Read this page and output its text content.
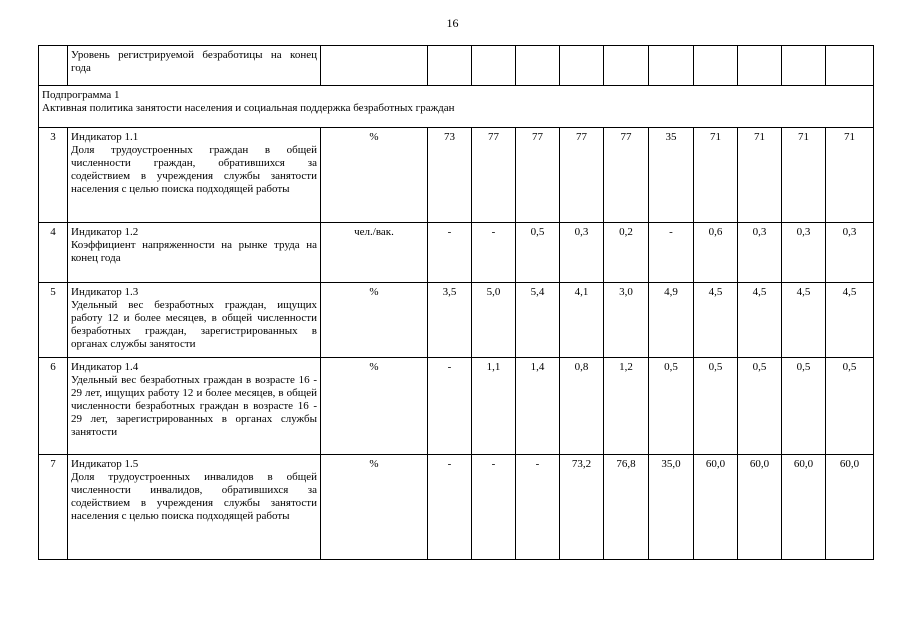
16
	Уровень регистрируемой безработицы на конец года											

Подпрограмма 1
Активная политика занятости населения и социальная поддержка безработных граждан												

3	Индикатор 1.1
Доля трудоустроенных граждан в общей численности граждан, обратившихся за содействием в учреждения службы занятости населения с целью поиска подходящей работы	%	73	77	77	77	77	35	71	71	71	71
4	Индикатор 1.2
Коэффициент напряженности на рынке труда на конец года	чел./вак.	-	-	0,5	0,3	0,2	-	0,6	0,3	0,3	0,3
5	Индикатор 1.3
Удельный вес безработных граждан, ищущих работу 12 и более месяцев, в общей численности безработных граждан, зарегистрированных в органах службы занятости	%	3,5	5,0	5,4	4,1	3,0	4,9	4,5	4,5	4,5	4,5
6	Индикатор 1.4
Удельный вес безработных граждан в возрасте 16 - 29 лет, ищущих работу 12 и более месяцев, в общей численности безработных граждан в возрасте 16 - 29 лет, зарегистрированных в органах службы занятости	%	-	1,1	1,4	0,8	1,2	0,5	0,5	0,5	0,5	0,5
7	Индикатор 1.5
Доля трудоустроенных инвалидов в общей численности инвалидов, обратившихся за содействием в учреждения службы занятости населения с целью поиска подходящей работы	%	-	-	-	73,2	76,8	35,0	60,0	60,0	60,0	60,0
